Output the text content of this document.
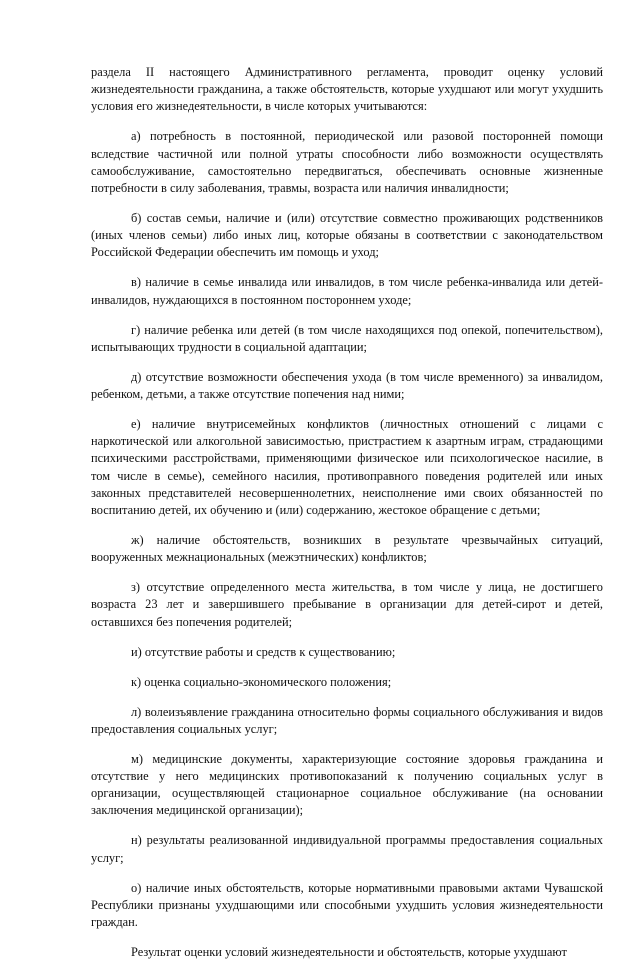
раздела II настоящего Административного регламента, проводит оценку условий жизнедеятельности гражданина, а также обстоятельств, которые ухудшают или могут ухудшить условия его жизнедеятельности, в числе которых учитываются:

а) потребность в постоянной, периодической или разовой посторонней помощи вследствие частичной или полной утраты способности либо возможности осуществлять самообслуживание, самостоятельно передвигаться, обеспечивать основные жизненные потребности в силу заболевания, травмы, возраста или наличия инвалидности;

б) состав семьи, наличие и (или) отсутствие совместно проживающих родственников (иных членов семьи) либо иных лиц, которые обязаны в соответствии с законодательством Российской Федерации обеспечить им помощь и уход;

в) наличие в семье инвалида или инвалидов, в том числе ребенка-инвалида или детей-инвалидов, нуждающихся в постоянном постороннем уходе;

г) наличие ребенка или детей (в том числе находящихся под опекой, попечительством), испытывающих трудности в социальной адаптации;

д) отсутствие возможности обеспечения ухода (в том числе временного) за инвалидом, ребенком, детьми, а также отсутствие попечения над ними;

е) наличие внутрисемейных конфликтов (личностных отношений с лицами с наркотической или алкогольной зависимостью, пристрастием к азартным играм, страдающими психическими расстройствами, применяющими физическое или психологическое насилие, в том числе в семье), семейного насилия, противоправного поведения родителей или иных законных представителей несовершеннолетних, неисполнение ими своих обязанностей по воспитанию детей, их обучению и (или) содержанию, жестокое обращение с детьми;

ж) наличие обстоятельств, возникших в результате чрезвычайных ситуаций, вооруженных межнациональных (межэтнических) конфликтов;

з) отсутствие определенного места жительства, в том числе у лица, не достигшего возраста 23 лет и завершившего пребывание в организации для детей-сирот и детей, оставшихся без попечения родителей;

и) отсутствие работы и средств к существованию;

к) оценка социально-экономического положения;

л) волеизъявление гражданина относительно формы социального обслуживания и видов предоставления социальных услуг;

м) медицинские документы, характеризующие состояние здоровья гражданина и отсутствие у него медицинских противопоказаний к получению социальных услуг в организации, осуществляющей стационарное социальное обслуживание (на основании заключения медицинской организации);

н) результаты реализованной индивидуальной программы предоставления социальных услуг;

о) наличие иных обстоятельств, которые нормативными правовыми актами Чувашской Республики признаны ухудшающими или способными ухудшить условия жизнедеятельности граждан.

Результат оценки условий жизнедеятельности и обстоятельств, которые ухудшают
